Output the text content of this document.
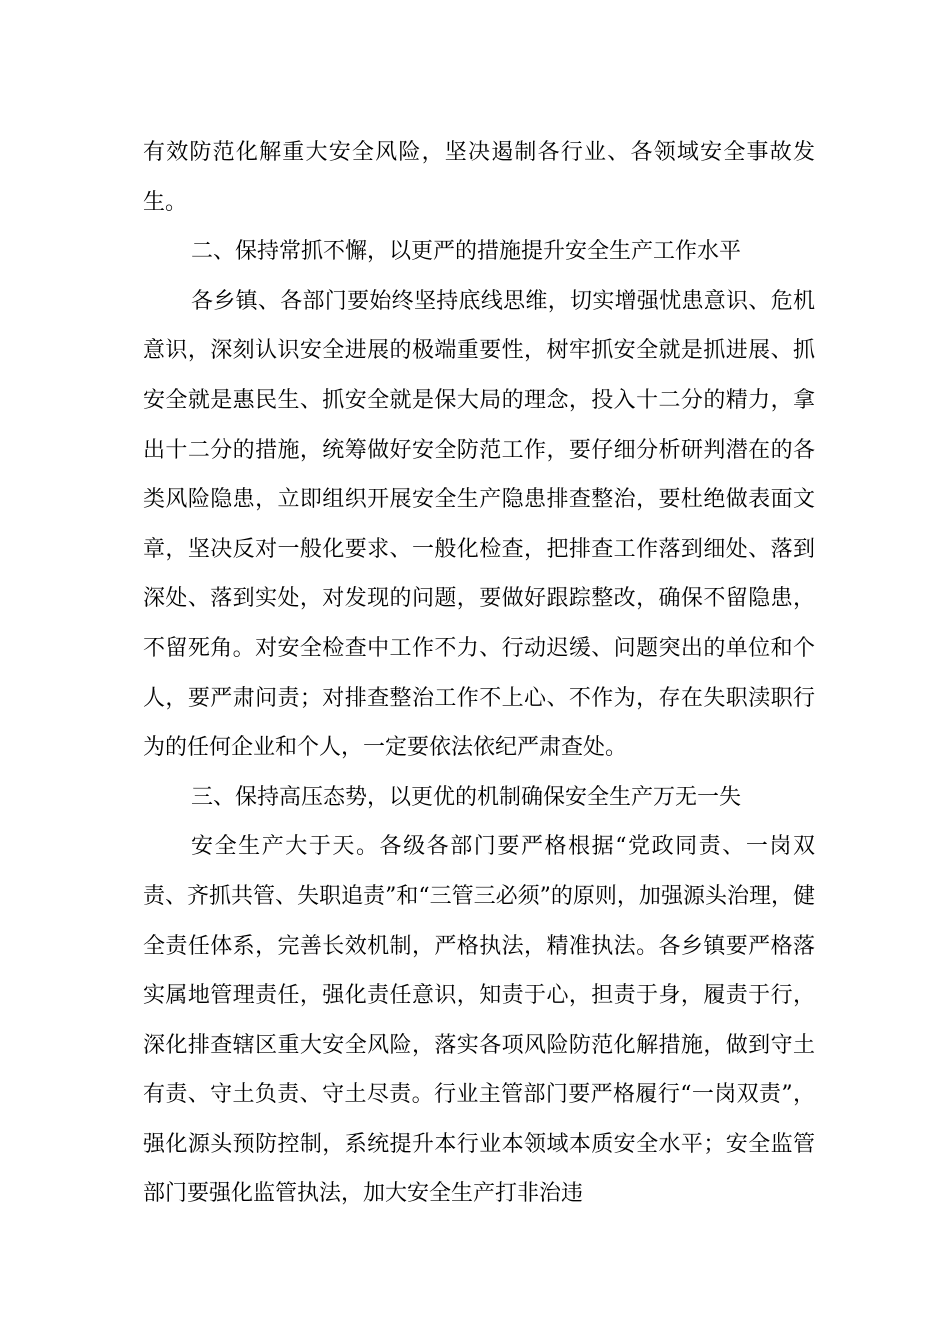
有效防范化解重大安全风险，坚决遏制各行业、各领域安全事故发生。

二、保持常抓不懈，以更严的措施提升安全生产工作水平

各乡镇、各部门要始终坚持底线思维，切实增强忧患意识、危机意识，深刻认识安全进展的极端重要性，树牢抓安全就是抓进展、抓安全就是惠民生、抓安全就是保大局的理念，投入十二分的精力，拿出十二分的措施，统筹做好安全防范工作，要仔细分析研判潜在的各类风险隐患，立即组织开展安全生产隐患排查整治，要杜绝做表面文章，坚决反对一般化要求、一般化检查，把排查工作落到细处、落到深处、落到实处，对发现的问题，要做好跟踪整改，确保不留隐患，不留死角。对安全检查中工作不力、行动迟缓、问题突出的单位和个人，要严肃问责；对排查整治工作不上心、不作为，存在失职渎职行为的任何企业和个人，一定要依法依纪严肃查处。

三、保持高压态势，以更优的机制确保安全生产万无一失

安全生产大于天。各级各部门要严格根据“党政同责、一岗双责、齐抓共管、失职追责”和“三管三必须”的原则，加强源头治理，健全责任体系，完善长效机制，严格执法，精准执法。各乡镇要严格落实属地管理责任，强化责任意识，知责于心，担责于身，履责于行，深化排查辖区重大安全风险，落实各项风险防范化解措施，做到守土有责、守土负责、守土尽责。行业主管部门要严格履行“一岗双责”，强化源头预防控制，系统提升本行业本领域本质安全水平；安全监管部门要强化监管执法，加大安全生产打非治违
